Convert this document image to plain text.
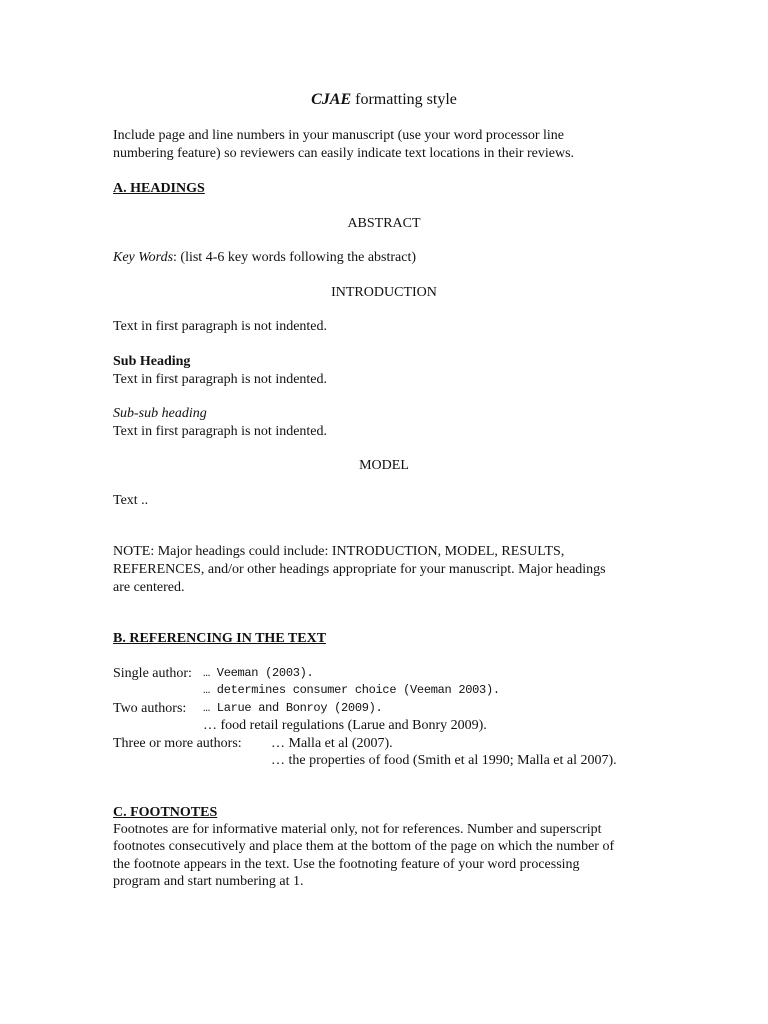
CJAE formatting style
Include page and line numbers in your manuscript (use your word processor line
numbering feature) so reviewers can easily indicate text locations in their reviews.
A. HEADINGS
ABSTRACT
Key Words: (list 4-6 key words following the abstract)
INTRODUCTION
Text in first paragraph is not indented.
Sub Heading
Text in first paragraph is not indented.
Sub-sub heading
Text in first paragraph is not indented.
MODEL
Text ..
NOTE: Major headings could include: INTRODUCTION, MODEL, RESULTS,
REFERENCES, and/or other headings appropriate for your manuscript. Major headings
are centered.
B. REFERENCING IN THE TEXT
Single author: … Veeman (2003).
… determines consumer choice (Veeman 2003).
Two authors: … Larue and Bonroy (2009).
… food retail regulations (Larue and Bonry 2009).
Three or more authors: … Malla et al (2007).
… the properties of food (Smith et al 1990; Malla et al 2007).
C. FOOTNOTES
Footnotes are for informative material only, not for references. Number and superscript
footnotes consecutively and place them at the bottom of the page on which the number of
the footnote appears in the text. Use the footnoting feature of your word processing
program and start numbering at 1.
